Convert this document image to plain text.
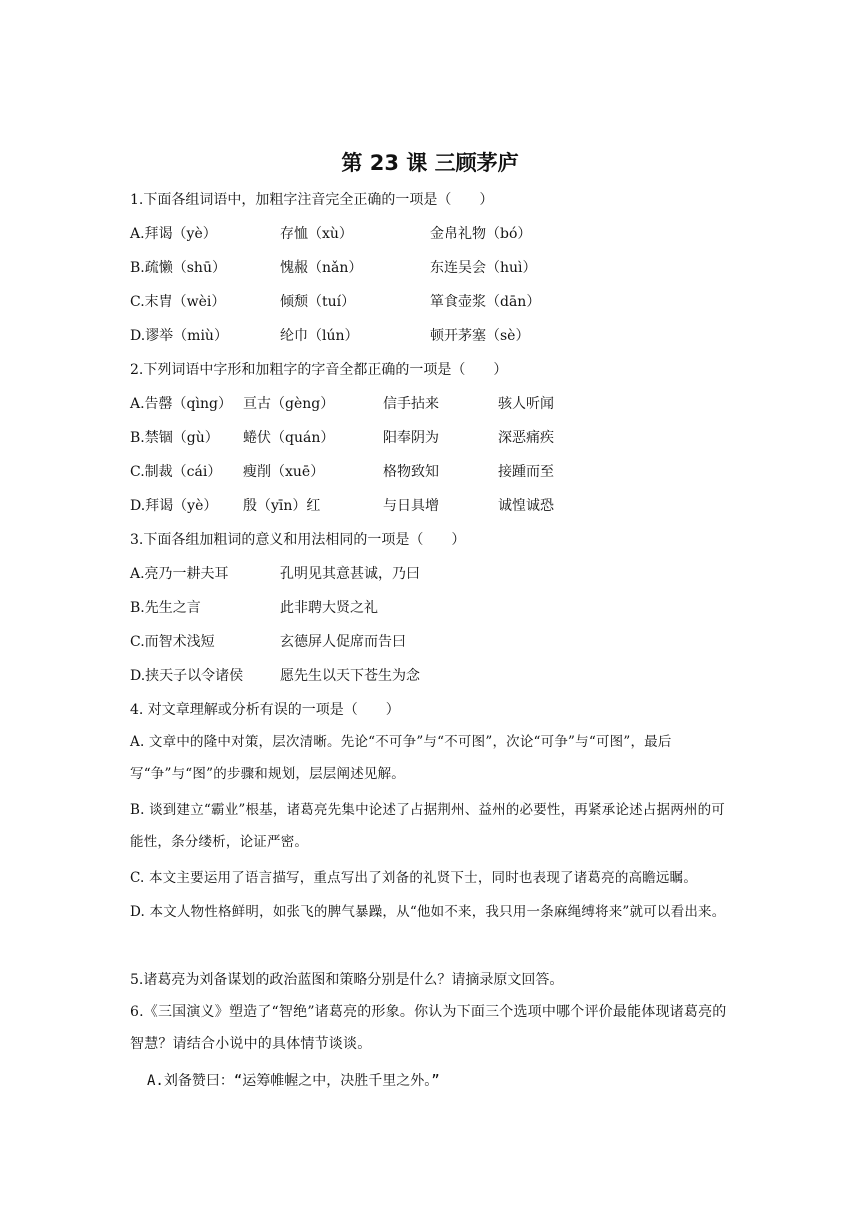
第 23 课 三顾茅庐
1.下面各组词语中，加粗字注音完全正确的一项是（　　）
A.拜谒（yè）	存恤（xù）	金帛礼物（bó）
B.疏懒（shū）	愧赧（nǎn）	东连吴会（huì）
C.末胄（wèi）	倾颓（tuí）	箪食壶浆（dān）
D.谬举（miù）	纶巾（lún）	顿开茅塞（sè）
2.下列词语中字形和加粗字的字音全都正确的一项是（　　）
A.告罄（qìng） 亘古（gèng）	信手拈来	骇人听闻
B.禁锢（gù） 蜷伏（quán）	阳奉阴为	深恶痛疾
C.制裁（cái） 瘦削（xuē）	格物致知	接踵而至
D.拜谒（yè） 殷（yīn）红	与日具增	诚惶诚恐
3.下面各组加粗词的意义和用法相同的一项是（　　）
A.亮乃一耕夫耳	孔明见其意甚诚，乃曰
B.先生之言	此非聘大贤之礼
C.而智术浅短	玄德屏人促席而告曰
D.挟天子以令诸侯	愿先生以天下苍生为念
4. 对文章理解或分析有误的一项是（　　）
A. 文章中的隆中对策，层次清晰。先论“不可争”与“不可图”，次论“可争”与“可图”，最后写“争”与“图”的步骤和规划，层层阐述见解。
B. 谈到建立“霸业”根基，诸葛亮先集中论述了占据荆州、益州的必要性，再紧承论述占据两州的可能性，条分缕析，论证严密。
C. 本文主要运用了语言描写，重点写出了刘备的礼贤下士，同时也表现了诸葛亮的高瞻远瞩。
D. 本文人物性格鲜明，如张飞的脾气暴躁，从“他如不来，我只用一条麻绳缚将来”就可以看出来。
5.诸葛亮为刘备谋划的政治蓝图和策略分别是什么？请摘录原文回答。
6.《三国演义》塑造了“智绝”诸葛亮的形象。你认为下面三个选项中哪个评价最能体现诸葛亮的智慧？请结合小说中的具体情节谈谈。
A.刘备赞曰：“运筹帷幄之中，决胜千里之外。”
